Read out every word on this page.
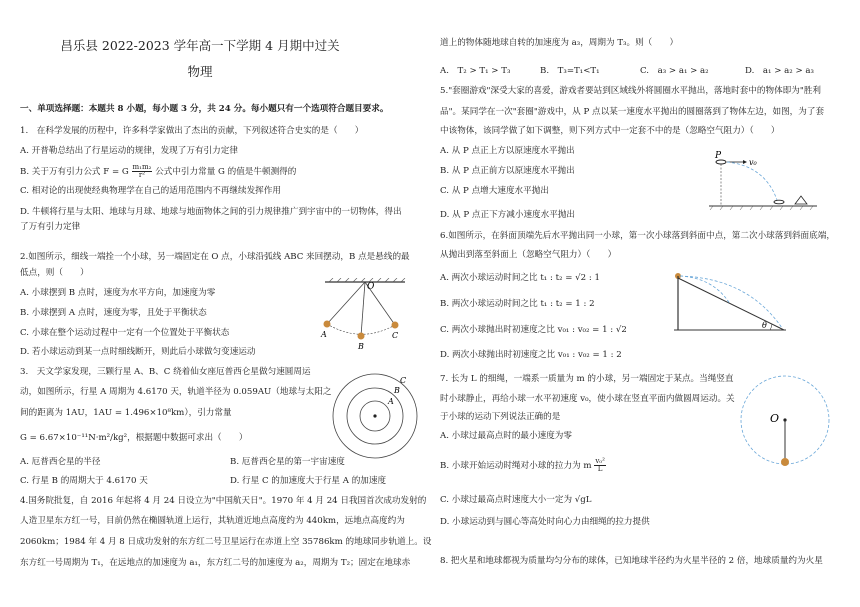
昌乐县 2022-2023 学年高一下学期 4 月期中过关
物理
一、单项选择题：本题共 8 小题，每小题 3 分，共 24 分。每小题只有一个选项符合题目要求。
1.　在科学发展的历程中，许多科学家做出了杰出的贡献，下列叙述符合史实的是（　　）
A. 开普勒总结出了行星运动的规律，发现了万有引力定律
B. 关于万有引力公式 F = G $\frac{\text{m₁m₂}}{\text{r²}}$ 公式中引力常量 G 的值是牛顿测得的
C. 相对论的出现使经典物理学在自己的适用范围内不再继续发挥作用
D. 牛顿将行星与太阳、地球与月球、地球与地面物体之间的引力规律推广到宇宙中的一切物体，得出
了万有引力定律
2.如图所示，细线一端拴一个小球，另一端固定在 O 点，小球沿弧线 ABC 来回摆动，B 点是悬线的最
低点，则（　　）
A. 小球摆到 B 点时，速度为水平方向，加速度为零
B. 小球摆到 A 点时，速度为零，且处于平衡状态
C. 小球在整个运动过程中一定有一个位置处于平衡状态
D. 若小球运动到某一点时细线断开，则此后小球做匀变速运动
3.　天文学家发现，三颗行星 A、B、C 绕着仙女座厄普西仑星做匀速圆周运
动，如图所示，行星 A 周期为 4.6170 天，轨道半径为 0.059AU（地球与太阳之
间的距离为 1AU，1AU = 1.496×10⁸km），引力常量
G = 6.67×10⁻¹¹N·m²/kg²，根据题中数据可求出（　　）
A. 厄普西仑星的半径	B. 厄普西仑星的第一宇宙速度
C. 行星 B 的周期大于 4.6170 天	D. 行星 C 的加速度大于行星 A 的加速度
4.国务院批复，自 2016 年起将 4 月 24 日设立为"中国航天日"。1970 年 4 月 24 日我国首次成功发射的
人造卫星东方红一号，目前仍然在椭圆轨道上运行，其轨道近地点高度约为 440km，远地点高度约为
2060km；1984 年 4 月 8 日成功发射的东方红二号卫星运行在赤道上空 35786km 的地球同步轨道上。设
东方红一号周期为 T₁，在远地点的加速度为 a₁，东方红二号的加速度为 a₂，周期为 T₂；固定在地球赤
O
A
B
C
A
B
C
道上的物体随地球自转的加速度为 a₃，周期为 T₃。则（　　）
A.　T₂ > T₁ > T₃	B.　T₃=T₁<T₁	C.　a₃ > a₁ > a₂	D.　a₁ > a₂ > a₃
5."套圈游戏"深受大家的喜爱，游戏者要站到区域线外将圆圈水平抛出，落地时套中的物体即为"胜利
品"。某同学在一次"套圈"游戏中，从 P 点以某一速度水平抛出的圆圈落到了物体左边，如图，为了套
中该物体，该同学做了如下调整，则下列方式中一定套不中的是（忽略空气阻力）（　　）
A. 从 P 点正上方以原速度水平抛出
B. 从 P 点正前方以原速度水平抛出
C. 从 P 点增大速度水平抛出
D. 从 P 点正下方减小速度水平抛出
6.如图所示，在斜面顶端先后水平抛出同一小球，第一次小球落到斜面中点，第二次小球落到斜面底端，
从抛出到落至斜面上（忽略空气阻力）（　　）
A. 两次小球运动时间之比 t₁ : t₂ = √2 : 1
B. 两次小球运动时间之比 t₁ : t₂ = 1 : 2
C. 两次小球抛出时初速度之比 v₀₁ : v₀₂ = 1 : √2
D. 两次小球抛出时初速度之比 v₀₁ : v₀₂ = 1 : 2
7. 长为 L 的细绳，一端系一质量为 m 的小球，另一端固定于某点。当绳竖直
时小球静止，再给小球一水平初速度 v₀，使小球在竖直平面内做圆周运动。关
于小球的运动下列说法正确的是
A. 小球过最高点时的最小速度为零
B. 小球开始运动时绳对小球的拉力为 m $\frac{\text{v₀²}}{L}$
C. 小球过最高点时速度大小一定为 √gL
D. 小球运动到与圆心等高处时向心力由细绳的拉力提供
8. 把火星和地球都视为质量均匀分布的球体，已知地球半径约为火星半径的 2 倍，地球质量约为火星
P
v₀
θ
O
